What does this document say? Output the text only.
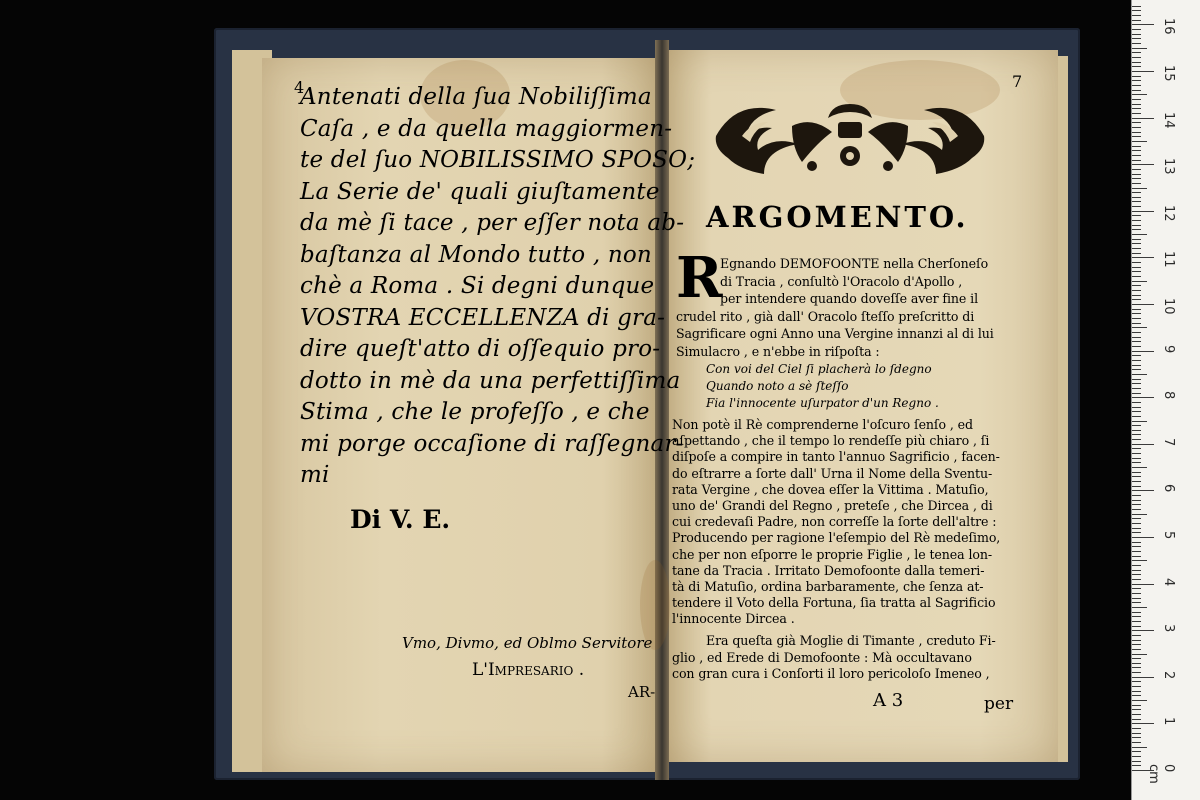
4
Antenati della ſua Nobiliſſima
Caſa , e da quella maggiormen-
te del ſuo NOBILISSIMO SPOSO;
La Serie de' quali giuſtamente
da mè ſi tace , per eſſer nota ab-
baſtanza al Mondo tutto , non
chè a Roma . Si degni dunque
VOSTRA ECCELLENZA di gra-
dire queſt'atto di oſſequio pro-
dotto in mè da una perfettiſſima
Stima , che le profeſſo , e che
mi porge occaſione di raſſegnar-
mi
Di V. E.
Vmo, Divmo, ed Oblmo Servitore
L'Impresario .
AR-
7
ARGOMENTO.
R
Egnando DEMOFOONTE nella Cherſoneſo
di Tracia , conſultò l'Oracolo d'Apollo ,
per intendere quando doveſſe aver fine il
crudel rito , già dall' Oracolo ſteſſo preſcritto di
Sagrificare ogni Anno una Vergine innanzi al di lui
Simulacro , e n'ebbe in riſpoſta :
Con voi del Ciel ſi placherà lo ſdegno
Quando noto a sè ſteſſo
Fia l'innocente uſurpator d'un Regno .
Non potè il Rè comprenderne l'oſcuro ſenſo , ed
aſpettando , che il tempo lo rendeſſe più chiaro , ſi
diſpoſe a compire in tanto l'annuo Sagrificio , facen-
do eſtrarre a ſorte dall' Urna il Nome della Sventu-
rata Vergine , che dovea eſſer la Vittima . Matuſio,
uno de' Grandi del Regno , preteſe , che Dircea , di
cui credevaſi Padre, non correſſe la ſorte dell'altre :
Producendo per ragione l'eſempio del Rè medeſimo,
che per non eſporre le proprie Figlie , le tenea lon-
tane da Tracia . Irritato Demofoonte dalla temeri-
tà di Matuſio, ordina barbaramente, che ſenza at-
tendere il Voto della Fortuna, ſia tratta al Sagrificio
l'innocente Dircea .
Era queſta già Moglie di Timante , creduto Fi-
glio , ed Erede di Demofoonte : Mà occultavano
con gran cura i Conſorti il loro pericoloſo Imeneo ,
A 3	per
0 cm
1
2
3
4
5
6
7
8
9
10
11
12
13
14
15
16
